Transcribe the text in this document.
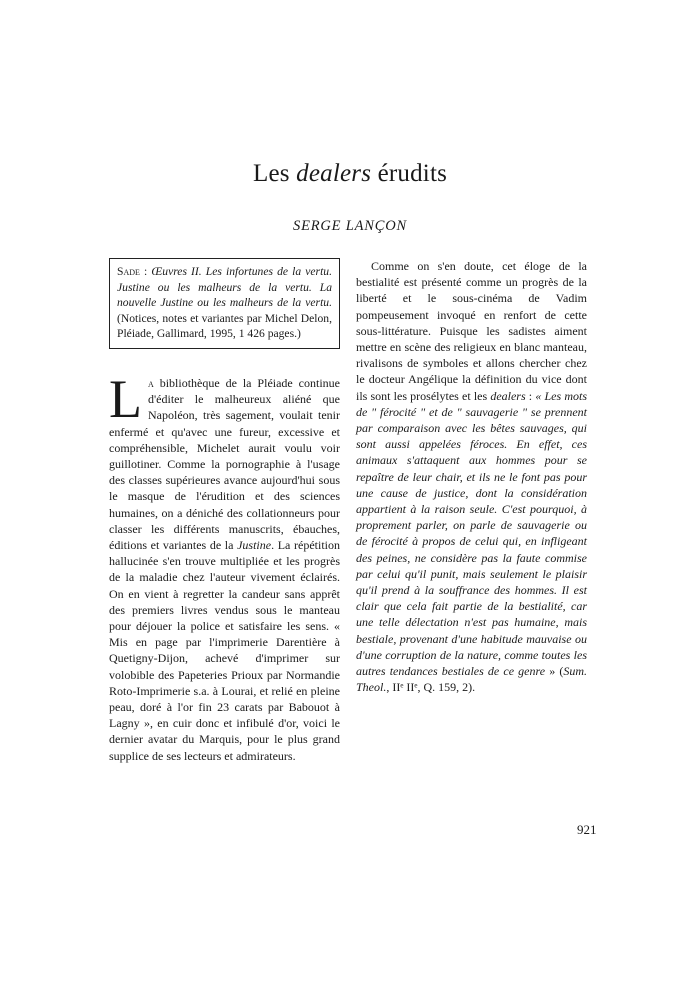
Les dealers érudits
SERGE LANÇON
Sade : Œuvres II. Les infortunes de la vertu. Justine ou les malheurs de la vertu. La nouvelle Justine ou les malheurs de la vertu. (Notices, notes et variantes par Michel Delon, Pléiade, Gallimard, 1995, 1 426 pages.)

La bibliothèque de la Pléiade continue d'éditer le malheureux aliéné que Napoléon, très sagement, voulait tenir enfermé et qu'avec une fureur, excessive et compréhensible, Michelet aurait voulu voir guillotiner. Comme la pornographie à l'usage des classes supérieures avance aujourd'hui sous le masque de l'érudition et des sciences humaines, on a déniché des collationneurs pour classer les différents manuscrits, ébauches, éditions et variantes de la Justine. La répétition hallucinée s'en trouve multipliée et les progrès de la maladie chez l'auteur vivement éclairés. On en vient à regretter la candeur sans apprêt des premiers livres vendus sous le manteau pour déjouer la police et satisfaire les sens. « Mis en page par l'imprimerie Darentière à Quetigny-Dijon, achevé d'imprimer sur volobible des Papeteries Prioux par Normandie Roto-Imprimerie s.a. à Lourai, et relié en pleine peau, doré à l'or fin 23 carats par Babouot à Lagny », en cuir donc et infibulé d'or, voici le dernier avatar du Marquis, pour le plus grand supplice de ses lecteurs et admirateurs.

Comme on s'en doute, cet éloge de la bestialité est présenté comme un progrès de la liberté et le sous-cinéma de Vadim pompeusement invoqué en renfort de cette sous-littérature. Puisque les sadistes aiment mettre en scène des religieux en blanc manteau, rivalisons de symboles et allons chercher chez le docteur Angélique la définition du vice dont ils sont les prosélytes et les dealers : « Les mots de " férocité " et de " sauvagerie " se prennent par comparaison avec les bêtes sauvages, qui sont aussi appelées féroces. En effet, ces animaux s'attaquent aux hommes pour se repaître de leur chair, et ils ne le font pas pour une cause de justice, dont la considération appartient à la raison seule. C'est pourquoi, à proprement parler, on parle de sauvagerie ou de férocité à propos de celui qui, en infligeant des peines, ne considère pas la faute commise par celui qu'il punit, mais seulement le plaisir qu'il prend à la souffrance des hommes. Il est clair que cela fait partie de la bestialité, car une telle délectation n'est pas humaine, mais bestiale, provenant d'une habitude mauvaise ou d'une corruption de la nature, comme toutes les autres tendances bestiales de ce genre » (Sum. Theol., IIᵉ IIᵉ, Q. 159, 2).

921
